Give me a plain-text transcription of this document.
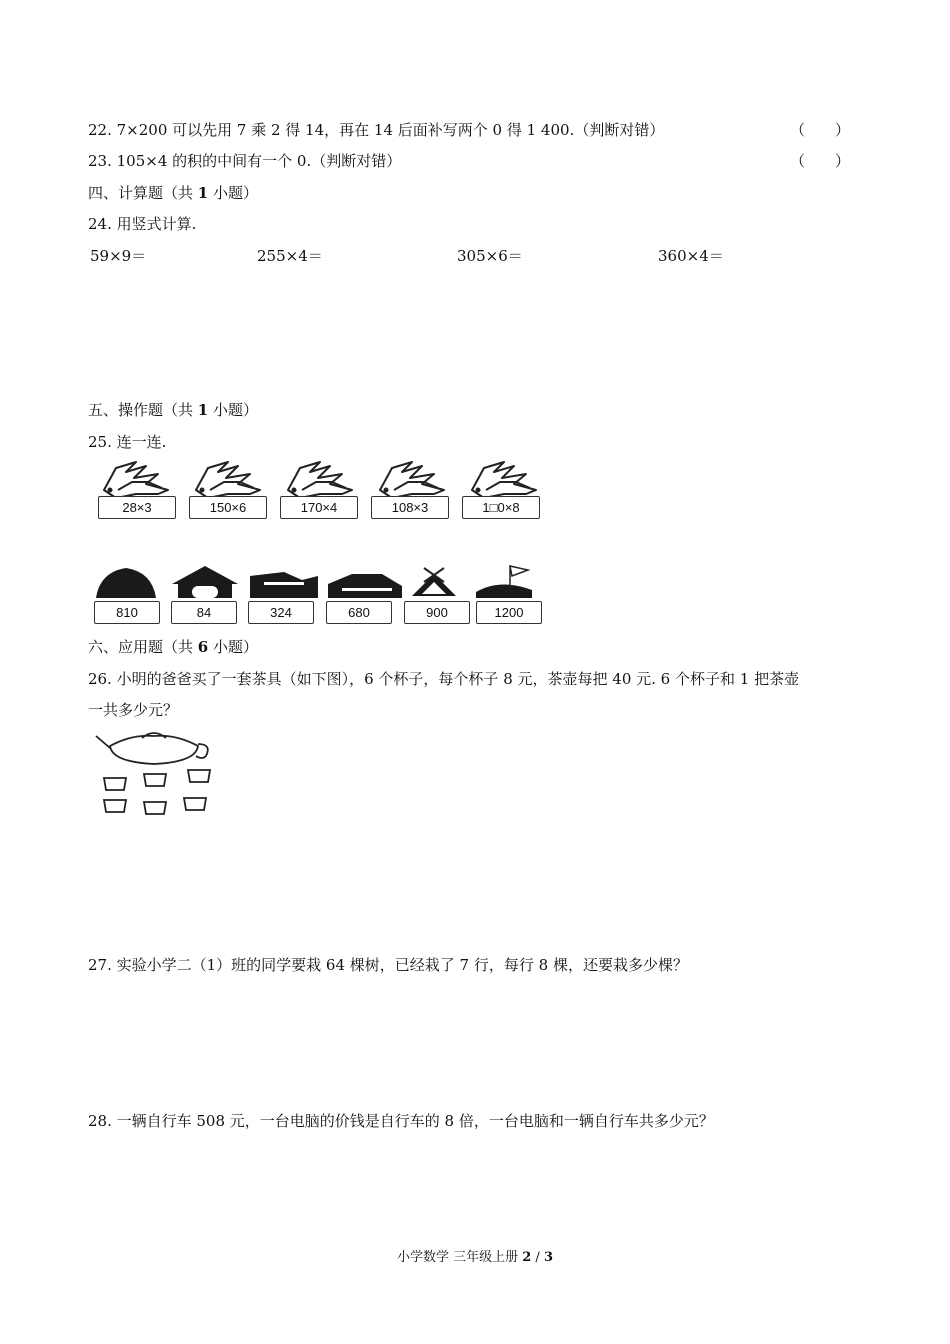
22. 7×200 可以先用 7 乘 2 得 14，再在 14 后面补写两个 0 得 1 400.（判断对错）	（　　）
23. 105×4 的积的中间有一个 0.（判断对错）	（　　）
四、计算题（共 1 小题）
24. 用竖式计算.
59×9＝	255×4＝	305×6＝	360×4＝
五、操作题（共 1 小题）
25. 连一连.
28×3	150×6	170×4	108×3	1□0×8
810	84	324	680	900	1200
六、应用题（共 6 小题）
26. 小明的爸爸买了一套茶具（如下图），6 个杯子，每个杯子 8 元，茶壶每把 40 元. 6 个杯子和 1 把茶壶
一共多少元？
27. 实验小学二（1）班的同学要栽 64 棵树，已经栽了 7 行，每行 8 棵，还要栽多少棵？
28. 一辆自行车 508 元，一台电脑的价钱是自行车的 8 倍，一台电脑和一辆自行车共多少元？
小学数学 三年级上册 2 / 3
